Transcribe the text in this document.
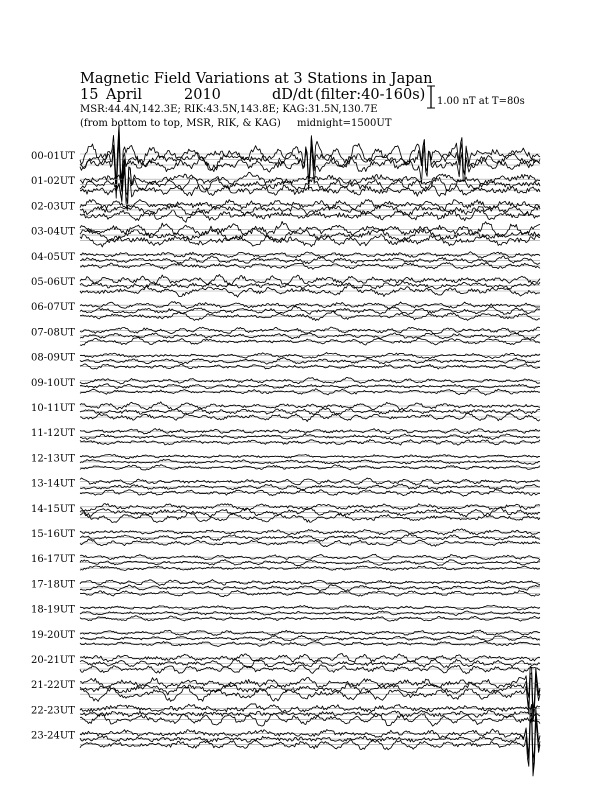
Magnetic Field Variations at 3 Stations in Japan
15 April	2010	dD/dt (filter:40-160s)
MSR:44.4N,142.3E; RIK:43.5N,143.8E; KAG:31.5N,130.7E
(from bottom to top, MSR, RIK, & KAG) midnight=1500UT
1.00 nT at T=80s
00-01UT
01-02UT
02-03UT
03-04UT
04-05UT
05-06UT
06-07UT
07-08UT
08-09UT
09-10UT
10-11UT
11-12UT
12-13UT
13-14UT
14-15UT
15-16UT
16-17UT
17-18UT
18-19UT
19-20UT
20-21UT
21-22UT
22-23UT
23-24UT
